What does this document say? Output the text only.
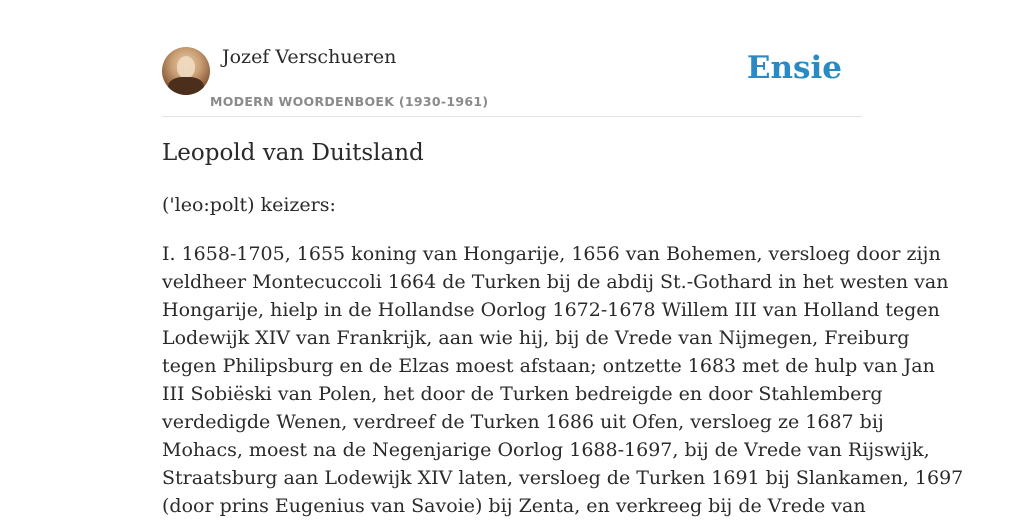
Jozef Verschueren
MODERN WOORDENBOEK (1930-1961)
Ensie
Leopold van Duitsland

('leo:polt) keizers:

I. 1658-1705, 1655 koning van Hongarije, 1656 van Bohemen, versloeg door zijn
veldheer Montecuccoli 1664 de Turken bij de abdij St.-Gothard in het westen van
Hongarije, hielp in de Hollandse Oorlog 1672-1678 Willem III van Holland tegen
Lodewijk XIV van Frankrijk, aan wie hij, bij de Vrede van Nijmegen, Freiburg
tegen Philipsburg en de Elzas moest afstaan; ontzette 1683 met de hulp van Jan
III Sobiëski van Polen, het door de Turken bedreigde en door Stahlemberg
verdedigde Wenen, verdreef de Turken 1686 uit Ofen, versloeg ze 1687 bij
Mohacs, moest na de Negenjarige Oorlog 1688-1697, bij de Vrede van Rijswijk,
Straatsburg aan Lodewijk XIV laten, versloeg de Turken 1691 bij Slankamen, 1697
(door prins Eugenius van Savoie) bij Zenta, en verkreeg bij de Vrede van
